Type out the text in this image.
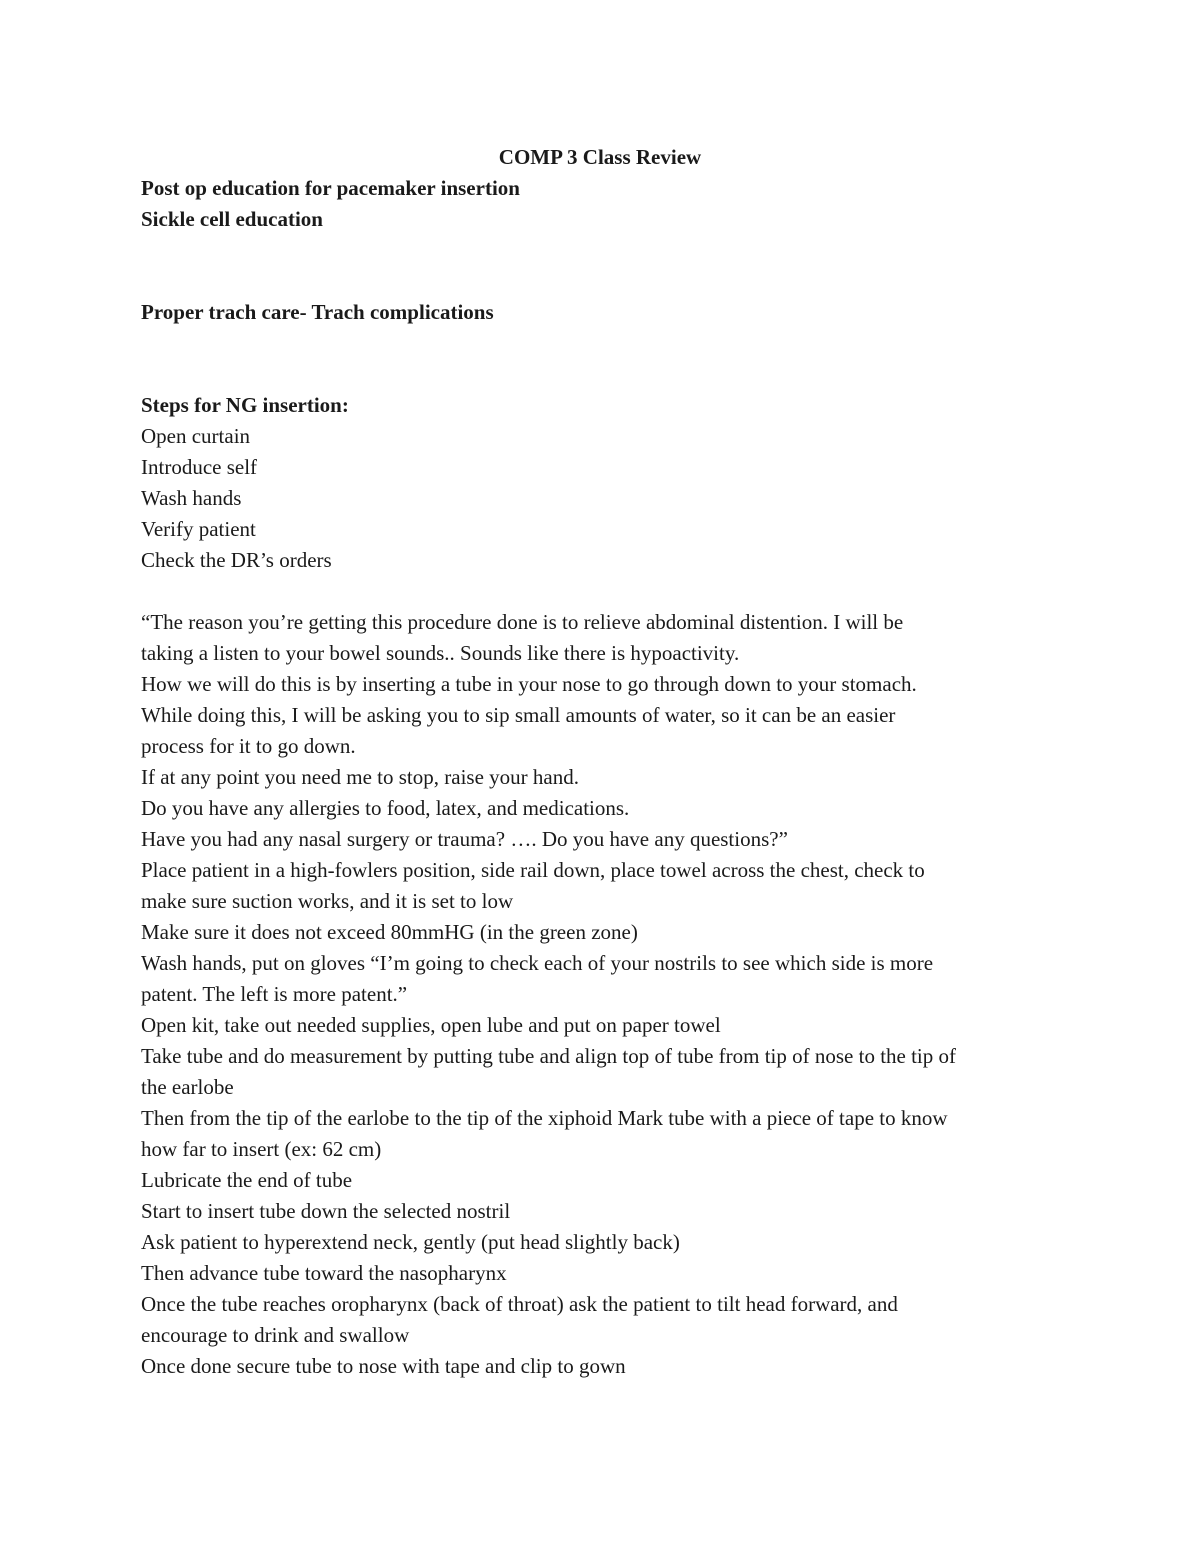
COMP 3 Class Review
Post op education for pacemaker insertion
Sickle cell education
Proper trach care- Trach complications
Steps for NG insertion:
Open curtain
Introduce self
Wash hands
Verify patient
Check the DR’s orders
“The reason you’re getting this procedure done is to relieve abdominal distention. I will be
taking a listen to your bowel sounds.. Sounds like there is hypoactivity.
How we will do this is by inserting a tube in your nose to go through down to your stomach.
While doing this, I will be asking you to sip small amounts of water, so it can be an easier
process for it to go down.
If at any point you need me to stop, raise your hand.
Do you have any allergies to food, latex, and medications.
Have you had any nasal surgery or trauma? …. Do you have any questions?”
Place patient in a high-fowlers position, side rail down, place towel across the chest, check to
make sure suction works, and it is set to low
Make sure it does not exceed 80mmHG (in the green zone)
Wash hands, put on gloves “I’m going to check each of your nostrils to see which side is more
patent. The left is more patent.”
Open kit, take out needed supplies, open lube and put on paper towel
Take tube and do measurement by putting tube and align top of tube from tip of nose to the tip of
the earlobe
Then from the tip of the earlobe to the tip of the xiphoid Mark tube with a piece of tape to know
how far to insert (ex: 62 cm)
Lubricate the end of tube
Start to insert tube down the selected nostril
Ask patient to hyperextend neck, gently (put head slightly back)
Then advance tube toward the nasopharynx
Once the tube reaches oropharynx (back of throat) ask the patient to tilt head forward, and
encourage to drink and swallow
Once done secure tube to nose with tape and clip to gown
